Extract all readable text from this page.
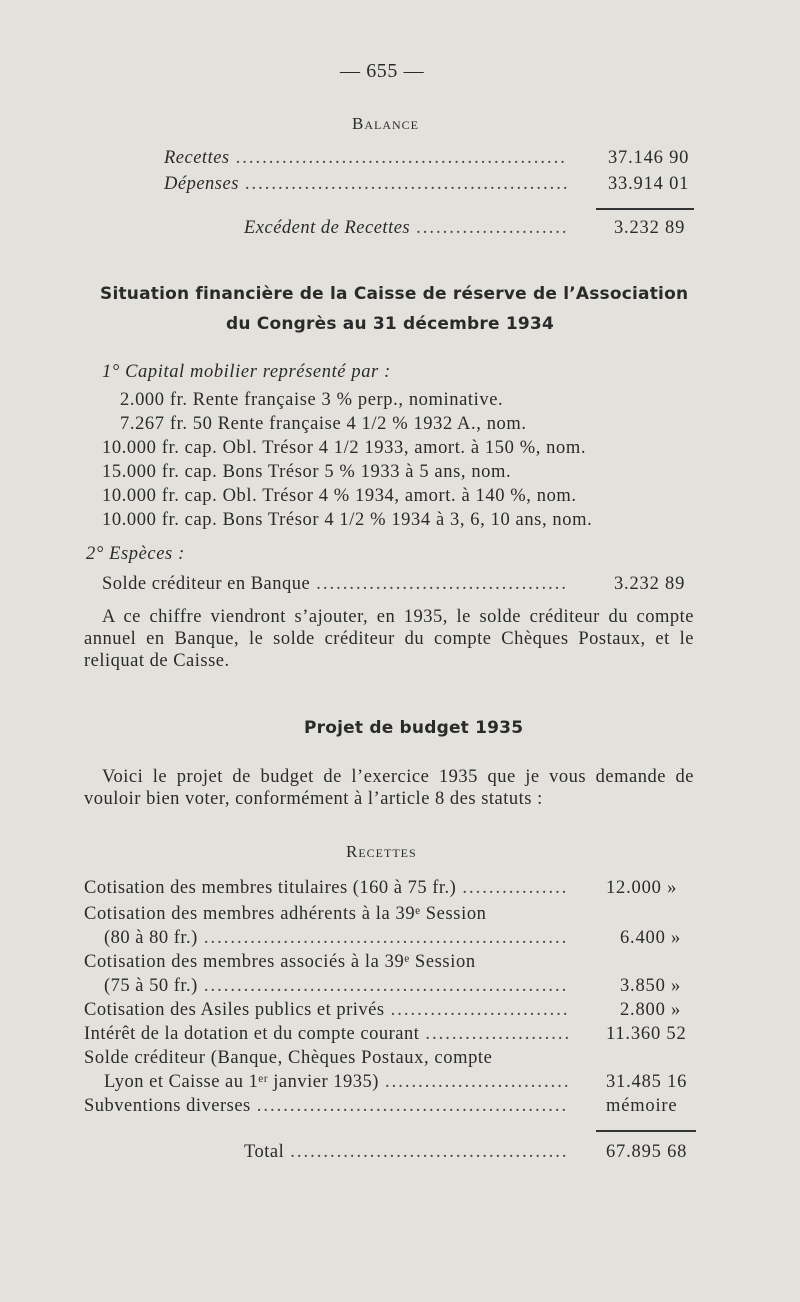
— 655 —
Balance
Recettes .....	37.146 90
Dépenses .....	33.914 01
Excédent de Recettes .....	3.232 89
Situation financière de la Caisse de réserve de l’Association
du Congrès au 31 décembre 1934
1° Capital mobilier représenté par :
2.000 fr. Rente française 3 % perp., nominative.
7.267 fr. 50 Rente française 4 1/2 % 1932 A., nom.
10.000 fr. cap. Obl. Trésor 4 1/2 1933, amort. à 150 %, nom.
15.000 fr. cap. Bons Trésor 5 % 1933 à 5 ans, nom.
10.000 fr. cap. Obl. Trésor 4 % 1934, amort. à 140 %, nom.
10.000 fr. cap. Bons Trésor 4 1/2 % 1934 à 3, 6, 10 ans, nom.
2° Espèces :
Solde créditeur en Banque .....	3.232 89
A ce chiffre viendront s’ajouter, en 1935, le solde créditeur du compte annuel en Banque, le solde créditeur du compte Chèques Postaux, et le reliquat de Caisse.
Projet de budget 1935
Voici le projet de budget de l’exercice 1935 que je vous demande de vouloir bien voter, conformément à l’article 8 des statuts :
Recettes
Cotisation des membres titulaires (160 à 75 fr.) .....	12.000 »
Cotisation des membres adhérents à la 39ᵉ Session
(80 à 80 fr.) .....	6.400 »
Cotisation des membres associés à la 39ᵉ Session
(75 à 50 fr.) .....	3.850 »
Cotisation des Asiles publics et privés .....	2.800 »
Intérêt de la dotation et du compte courant .....	11.360 52
Solde créditeur (Banque, Chèques Postaux, compte
Lyon et Caisse au 1ᵉʳ janvier 1935) .....	31.485 16
Subventions diverses .....	mémoire
Total .....	67.895 68
